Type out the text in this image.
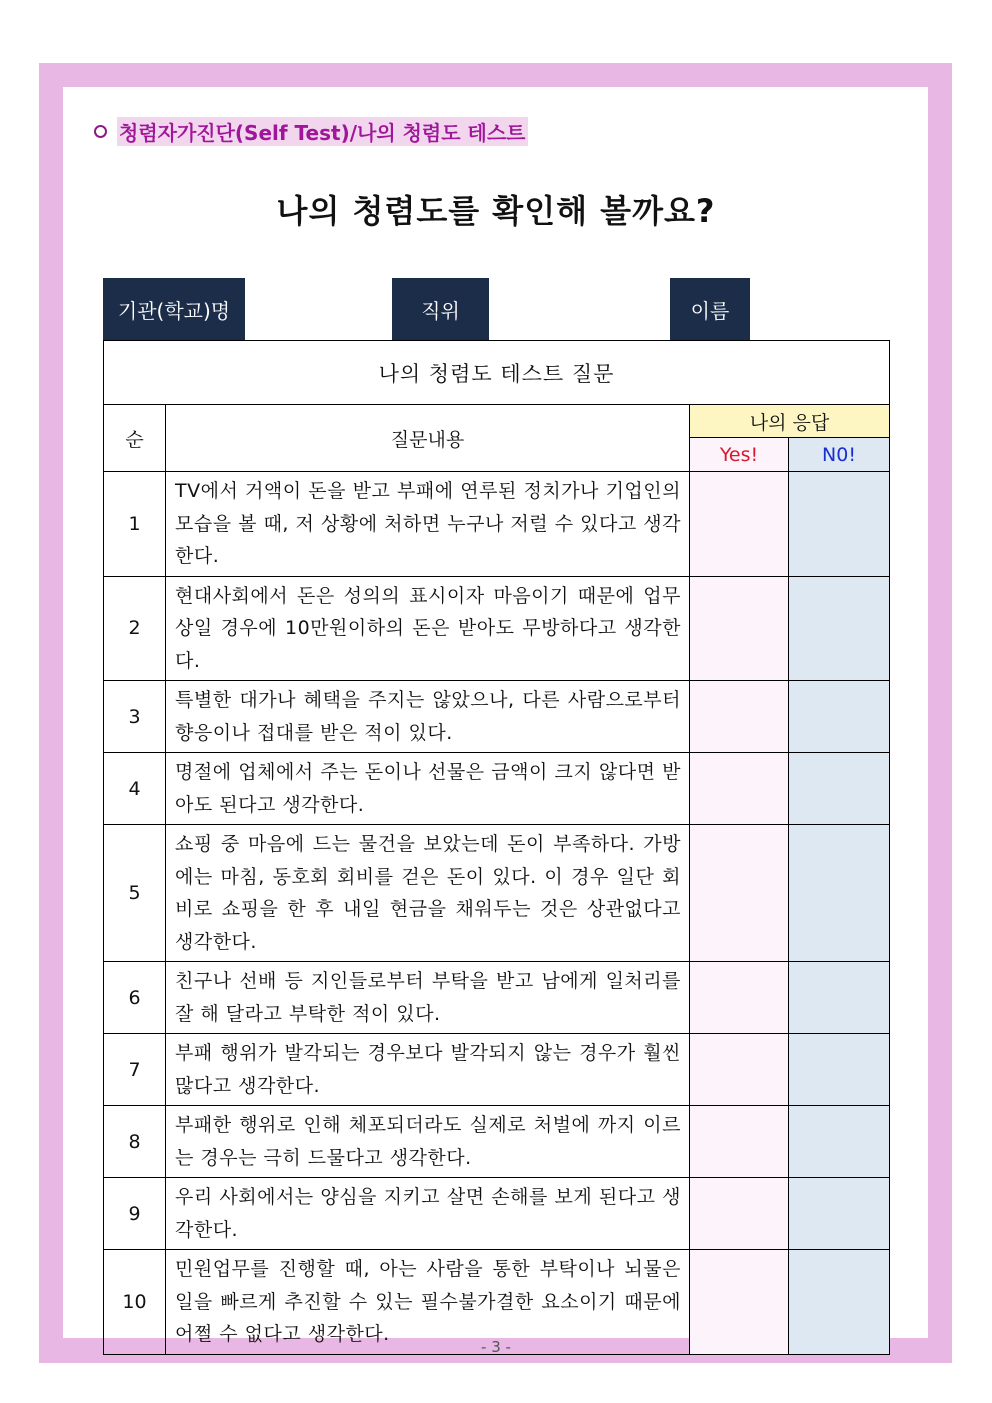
청렴자가진단(Self Test)/나의 청렴도 테스트
나의 청렴도를 확인해 볼까요?
기관(학교)명	직위	이름
나의 청렴도 테스트 질문			
순	질문내용	나의 응답	
		Yes!	N0!
1	TV에서 거액이 돈을 받고 부패에 연루된 정치가나 기업인의 모습을 볼 때, 저 상황에 처하면 누구나 저럴 수 있다고 생각한다.		
2	현대사회에서 돈은 성의의 표시이자 마음이기 때문에 업무상일 경우에 10만원이하의 돈은 받아도 무방하다고 생각한다.		
3	특별한 대가나 혜택을 주지는 않았으나, 다른 사람으로부터 향응이나 접대를 받은 적이 있다.		
4	명절에 업체에서 주는 돈이나 선물은 금액이 크지 않다면 받아도 된다고 생각한다.		
5	쇼핑 중 마음에 드는 물건을 보았는데 돈이 부족하다. 가방에는 마침, 동호회 회비를 걷은 돈이 있다. 이 경우 일단 회비로 쇼핑을 한 후 내일 현금을 채워두는 것은 상관없다고 생각한다.		
6	친구나 선배 등 지인들로부터 부탁을 받고 남에게 일처리를 잘 해 달라고 부탁한 적이 있다.		
7	부패 행위가 발각되는 경우보다 발각되지 않는 경우가 훨씬 많다고 생각한다.		
8	부패한 행위로 인해 체포되더라도 실제로 처벌에 까지 이르는 경우는 극히 드물다고 생각한다.		
9	우리 사회에서는 양심을 지키고 살면 손해를 보게 된다고 생각한다.		
10	민원업무를 진행할 때, 아는 사람을 통한 부탁이나 뇌물은 일을 빠르게 추진할 수 있는 필수불가결한 요소이기 때문에 어쩔 수 없다고 생각한다.		
- 3 -
